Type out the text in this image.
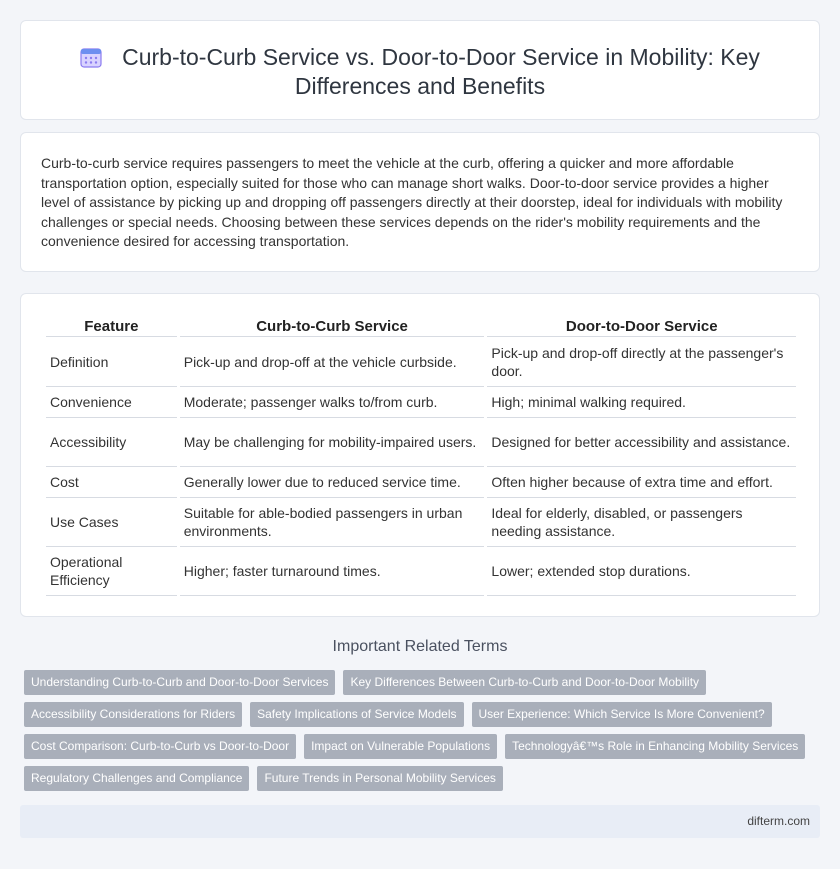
Curb-to-Curb Service vs. Door-to-Door Service in Mobility: Key
Differences and Benefits

Curb-to-curb service requires passengers to meet the vehicle at the curb, offering a quicker and more affordable transportation option, especially suited for those who can manage short walks. Door-to-door service provides a higher level of assistance by picking up and dropping off passengers directly at their doorstep, ideal for individuals with mobility challenges or special needs. Choosing between these services depends on the rider's mobility requirements and the convenience desired for accessing transportation.

Feature	Curb-to-Curb Service	Door-to-Door Service
Definition	Pick-up and drop-off at the vehicle curbside.	Pick-up and drop-off directly at the passenger's door.
Convenience	Moderate; passenger walks to/from curb.	High; minimal walking required.
Accessibility	May be challenging for mobility-impaired users.	Designed for better accessibility and assistance.
Cost	Generally lower due to reduced service time.	Often higher because of extra time and effort.
Use Cases	Suitable for able-bodied passengers in urban environments.	Ideal for elderly, disabled, or passengers needing assistance.
Operational Efficiency	Higher; faster turnaround times.	Lower; extended stop durations.
Important Related Terms
Understanding Curb-to-Curb and Door-to-Door Services	Key Differences Between Curb-to-Curb and Door-to-Door Mobility
Accessibility Considerations for Riders	Safety Implications of Service Models	User Experience: Which Service Is More Convenient?
Cost Comparison: Curb-to-Curb vs Door-to-Door	Impact on Vulnerable Populations	Technologyâ€™s Role in Enhancing Mobility Services
Regulatory Challenges and Compliance	Future Trends in Personal Mobility Services
difterm.com
